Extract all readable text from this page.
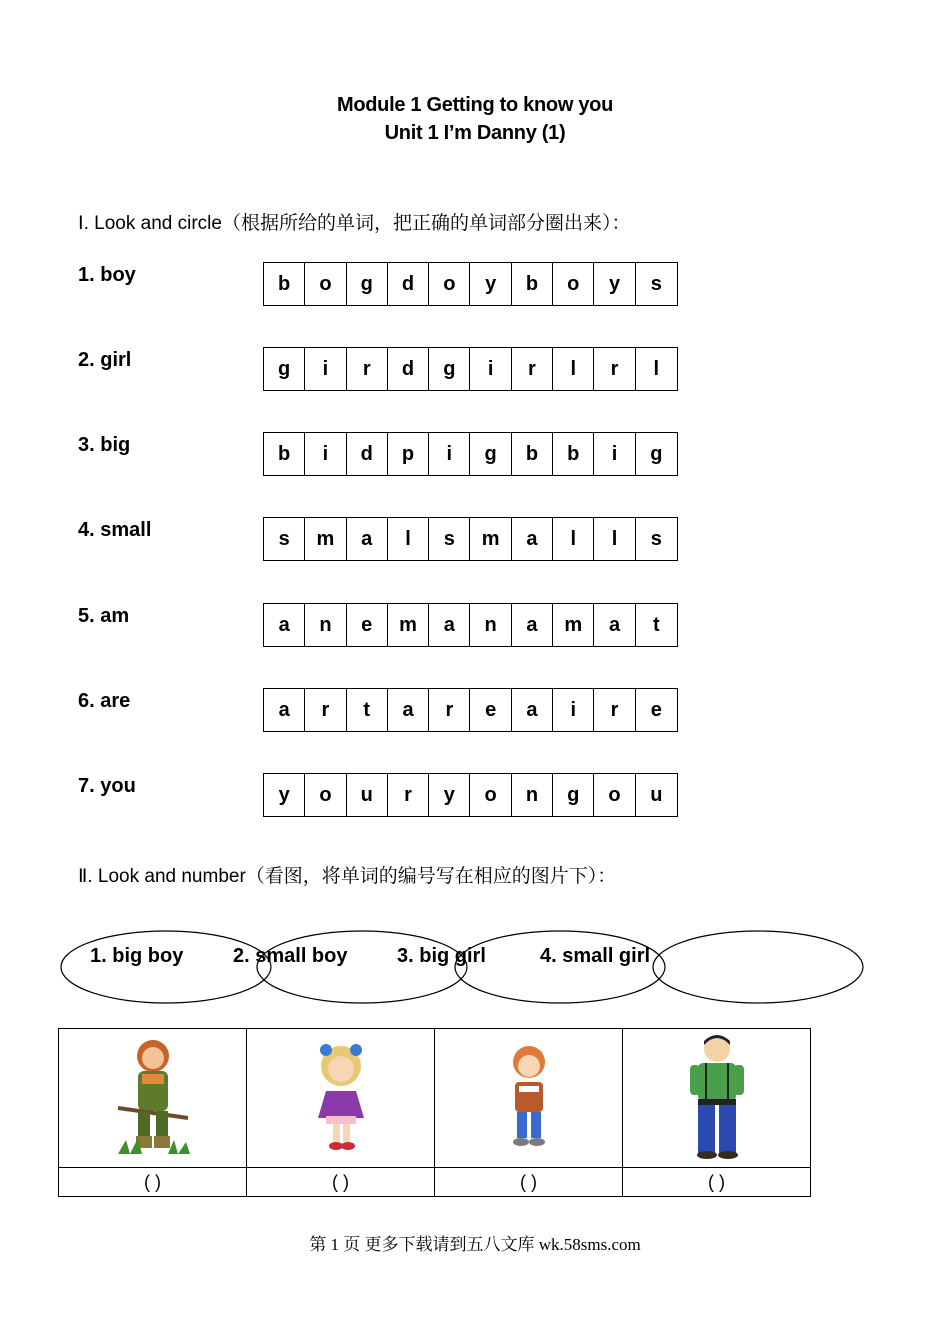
Module 1 Getting to know you
Unit 1 I’m Danny (1)
Ⅰ. Look and circle（根据所给的单词，把正确的单词部分圈出来）：
1. boy	b	o	g	d	o	y	b	o	y	s
2. girl	g	i	r	d	g	i	r	l	r	l
3. big	b	i	d	p	i	g	b	b	i	g
4. small	s	m	a	l	s	m	a	l	l	s
5. am	a	n	e	m	a	n	a	m	a	t
6. are	a	r	t	a	r	e	a	i	r	e
7. you	y	o	u	r	y	o	n	g	o	u
Ⅱ. Look and number（看图，将单词的编号写在相应的图片下）：
1. big boy 2. small boy 3. big girl	4. small girl

( )	( )	( )	( )
第 1 页 更多下载请到五八文库 wk.58sms.com
